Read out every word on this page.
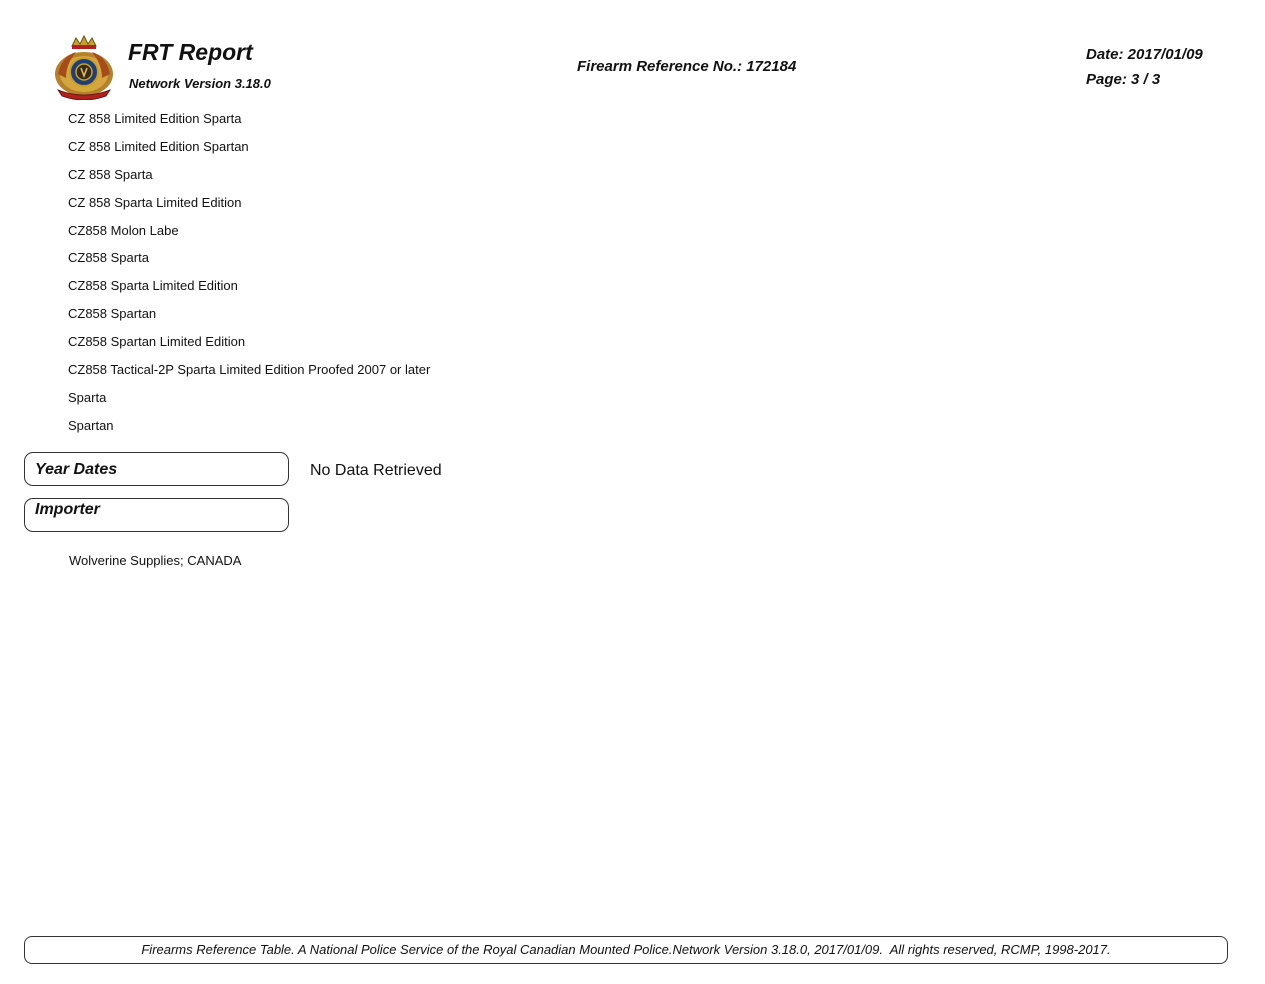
FRT Report
Network Version 3.18.0
Firearm Reference No.: 172184
Date: 2017/01/09
Page: 3 / 3
CZ 858 Limited Edition Sparta
CZ 858 Limited Edition Spartan
CZ 858 Sparta
CZ 858 Sparta Limited Edition
CZ858 Molon Labe
CZ858 Sparta
CZ858 Sparta Limited Edition
CZ858 Spartan
CZ858 Spartan Limited Edition
CZ858 Tactical-2P Sparta Limited Edition Proofed 2007 or later
Sparta
Spartan
Year Dates	No Data Retrieved
Importer
Wolverine Supplies; CANADA
Firearms Reference Table. A National Police Service of the Royal Canadian Mounted Police.Network Version 3.18.0, 2017/01/09.  All rights reserved, RCMP, 1998-2017.
